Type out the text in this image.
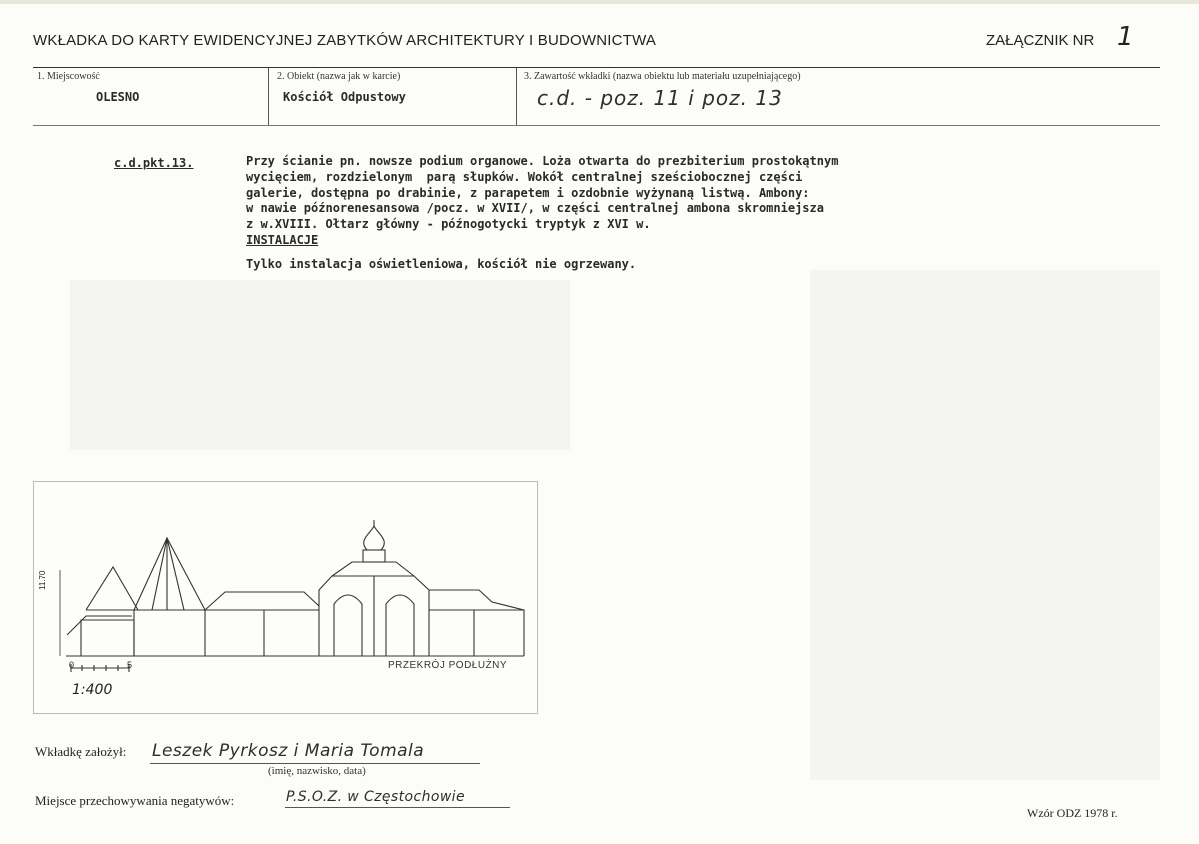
WKŁADKA DO KARTY EWIDENCYJNEJ ZABYTKÓW ARCHITEKTURY I BUDOWNICTWA	ZAŁĄCZNIK NR 1
1. Miejscowość
OLESNO
2. Obiekt (nazwa jak w karcie)
Kościół Odpustowy
3. Zawartość wkładki (nazwa obiektu lub materiału uzupełniającego)
c.d. - poz. 11 i poz. 13
c.d.pkt.13.	Przy ścianie pn. nowsze podium organowe. Loża otwarta do prezbiterium prostokątnym
wycięciem, rozdzielonym  parą słupków. Wokół centralnej sześciobocznej części
galerie, dostępna po drabinie, z parapetem i ozdobnie wyżynaną listwą. Ambony:
w nawie późnorenesansowa /pocz. w XVII/, w części centralnej ambona skromniejsza
z w.XVIII. Ołtarz główny - późnogotycki tryptyk z XVI w.
INSTALACJE
Tylko instalacja oświetleniowa, kościół nie ogrzewany.
PRZEKRÓJ PODŁUŻNY
0	5
1:400
11.70
Wkładkę założył: Leszek Pyrkosz i Maria Tomala
(imię, nazwisko, data)
Miejsce przechowywania negatywów:	P.S.O.Z. w Częstochowie
Wzór ODZ 1978 r.
